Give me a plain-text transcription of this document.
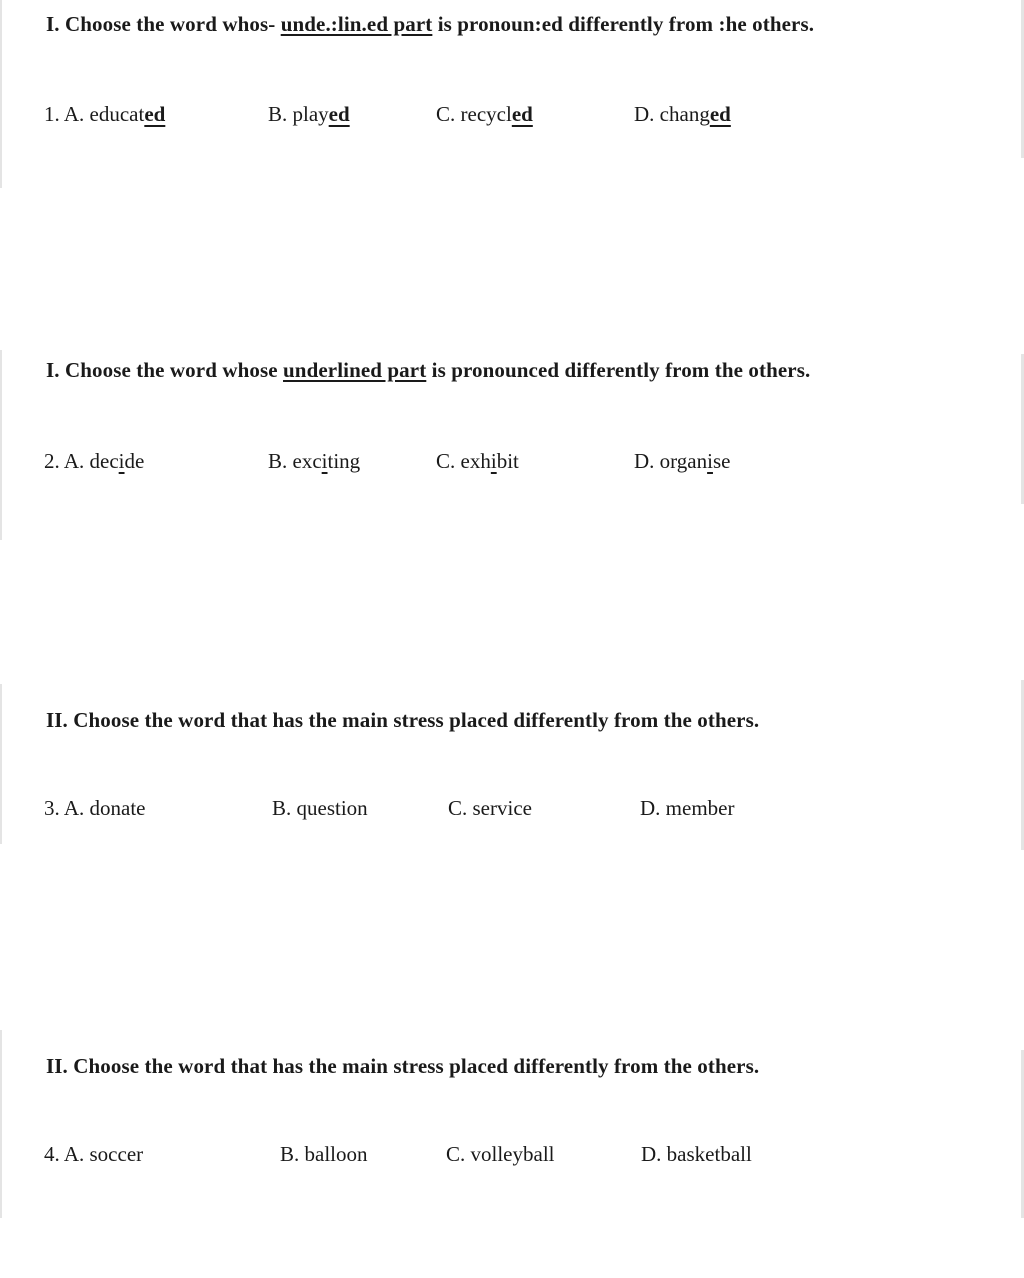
I. Choose the word whos- unde.:lin.ed part is pronoun:ed differently from :he others.
1. A. educated	B. played	C. recycled	D. changed
I. Choose the word whose underlined part is pronounced differently from the others.
2. A. decide	B. exciting	C. exhibit	D. organise
II. Choose the word that has the main stress placed differently from the others.
3. A. donate	B. question	C. service	D. member
II. Choose the word that has the main stress placed differently from the others.
4. A. soccer	B. balloon	C. volleyball	D. basketball
